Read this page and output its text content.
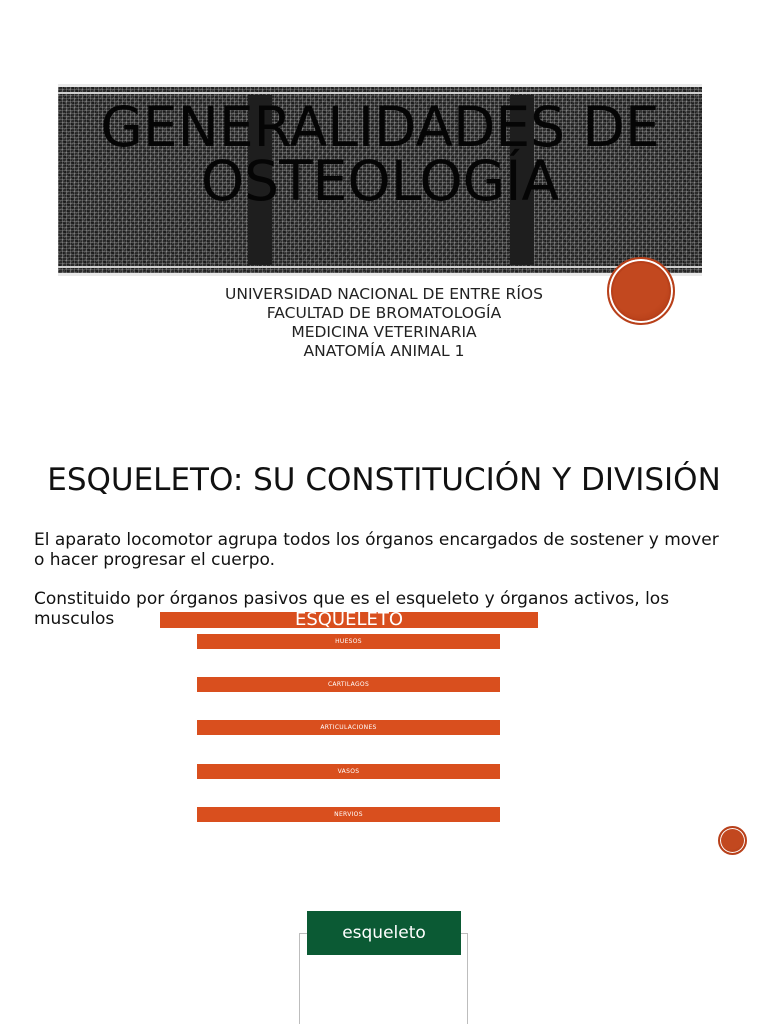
GENERALIDADES DE
OSTEOLOGÍA
UNIVERSIDAD NACIONAL DE ENTRE RÍOS
FACULTAD DE BROMATOLOGÍA
MEDICINA VETERINARIA
ANATOMÍA ANIMAL 1
ESQUELETO: SU CONSTITUCIÓN Y DIVISIÓN
El aparato locomotor agrupa todos los órganos encargados de sostener y mover o hacer progresar el cuerpo.
Constituido por órganos pasivos que es el esqueleto y órganos activos, los musculos	ESQUELETO
HUESOS
CARTILAGOS
ARTICULACIONES
VASOS
NERVIOS
esqueleto
